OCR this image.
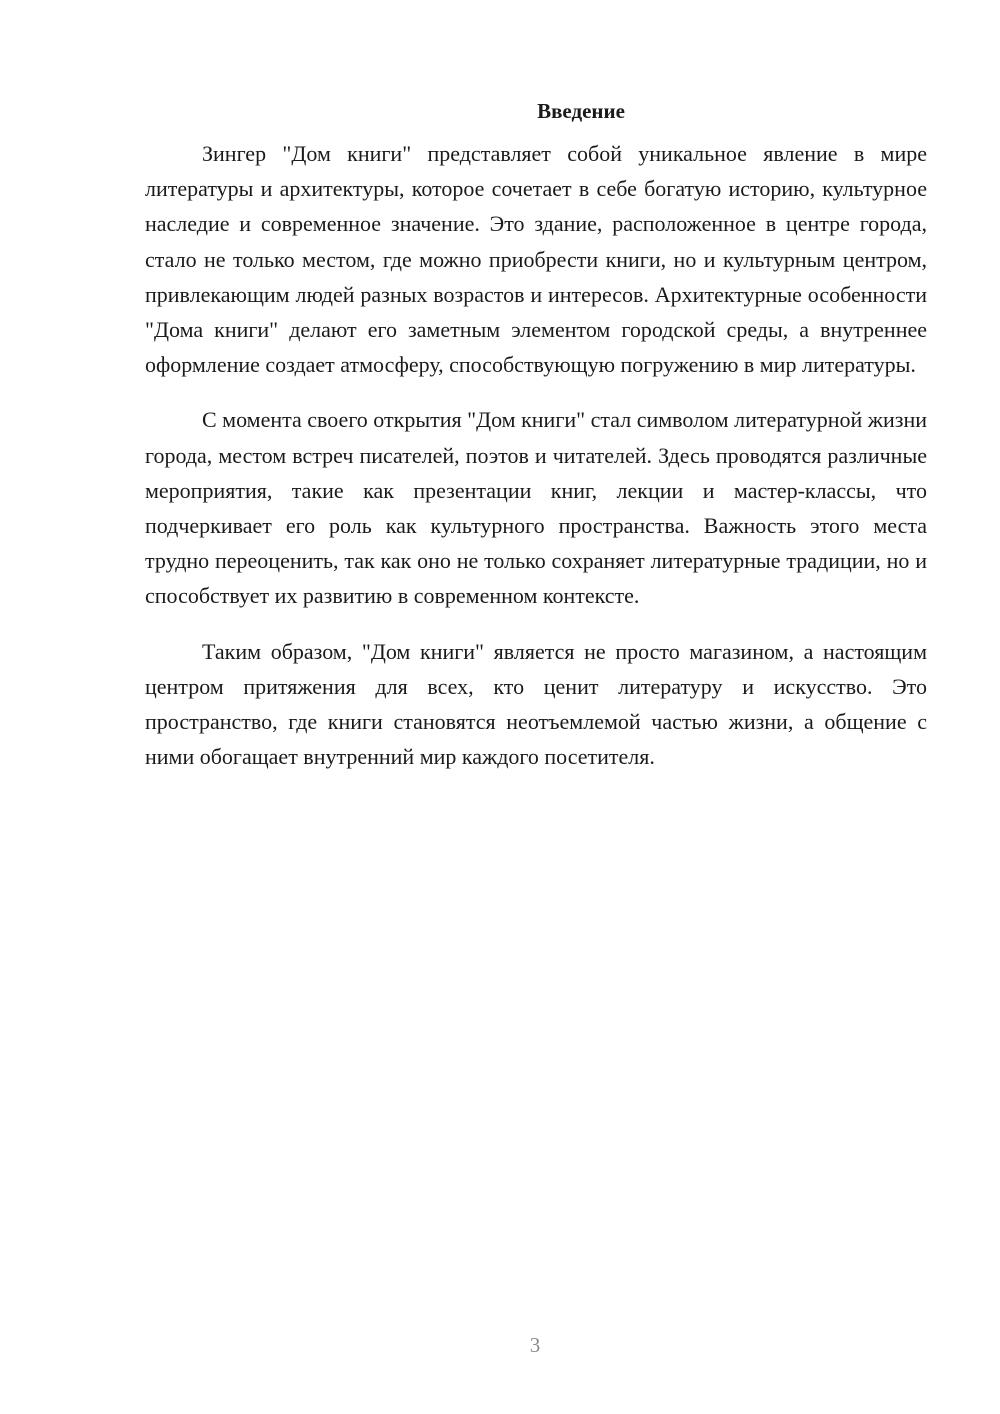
Введение

Зингер "Дом книги" представляет собой уникальное явление в мире литературы и архитектуры, которое сочетает в себе богатую историю, культурное наследие и современное значение. Это здание, расположенное в центре города, стало не только местом, где можно приобрести книги, но и культурным центром, привлекающим людей разных возрастов и интересов. Архитектурные особенности "Дома книги" делают его заметным элементом городской среды, а внутреннее оформление создает атмосферу, способствующую погружению в мир литературы.

С момента своего открытия "Дом книги" стал символом литературной жизни города, местом встреч писателей, поэтов и читателей. Здесь проводятся различные мероприятия, такие как презентации книг, лекции и мастер-классы, что подчеркивает его роль как культурного пространства. Важность этого места трудно переоценить, так как оно не только сохраняет литературные традиции, но и способствует их развитию в современном контексте.

Таким образом, "Дом книги" является не просто магазином, а настоящим центром притяжения для всех, кто ценит литературу и искусство. Это пространство, где книги становятся неотъемлемой частью жизни, а общение с ними обогащает внутренний мир каждого посетителя.

3
